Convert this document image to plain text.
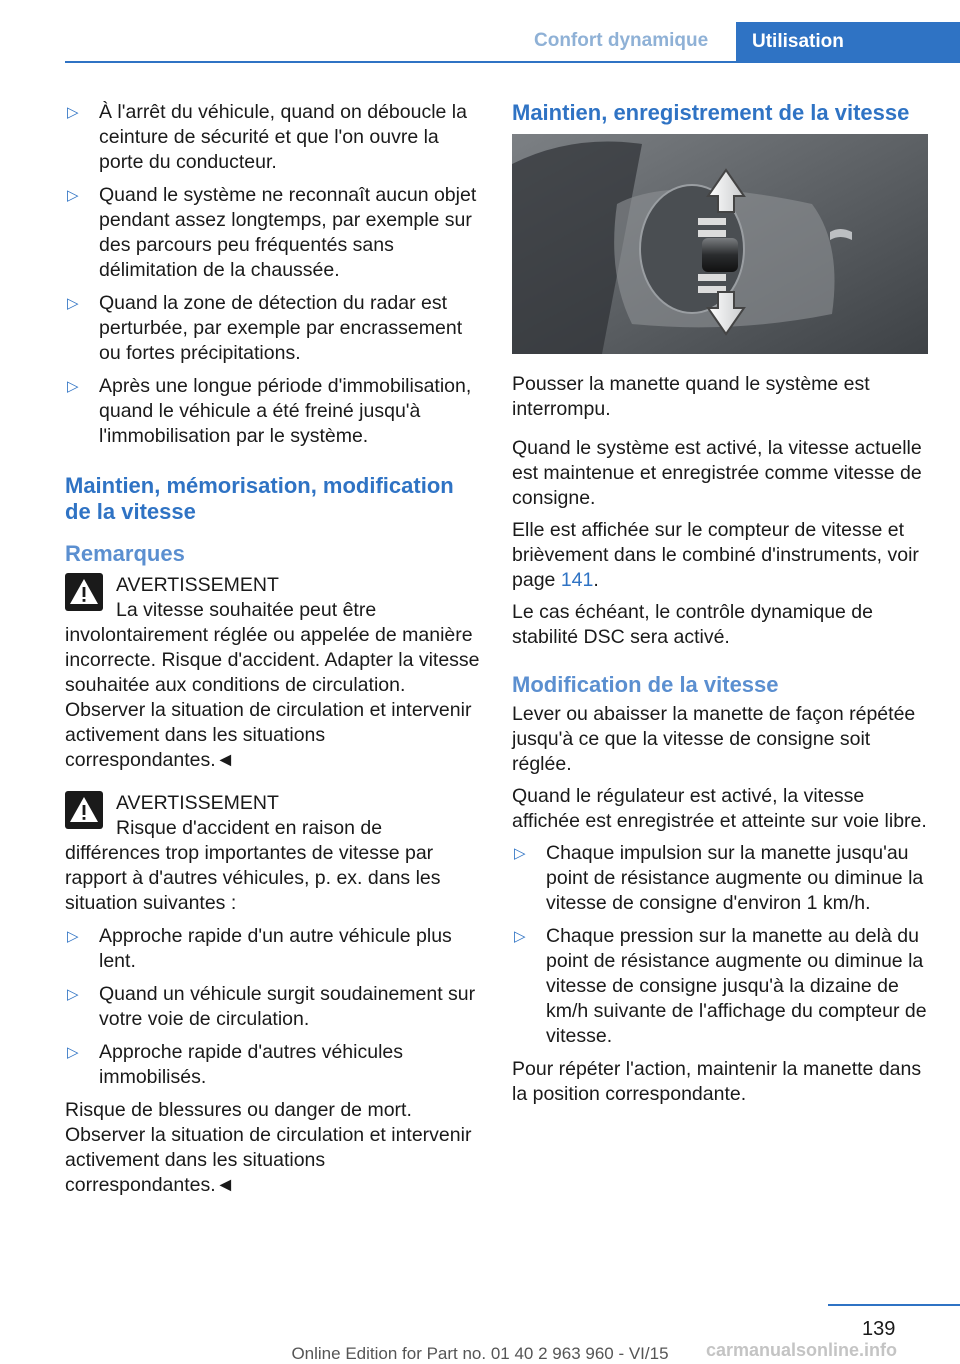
Confort dynamique Utilisation
▷ À l'arrêt du véhicule, quand on déboucle la ceinture de sécurité et que l'on ouvre la porte du conducteur.
▷ Quand le système ne reconnaît aucun objet pendant assez longtemps, par exemple sur des parcours peu fréquentés sans délimitation de la chaussée.
▷ Quand la zone de détection du radar est perturbée, par exemple par encrassement ou fortes précipitations.
▷ Après une longue période d'immobilisation, quand le véhicule a été freiné jusqu'à l'immobilisation par le système.
Maintien, mémorisation, modification de la vitesse
Remarques
AVERTISSEMENT

La vitesse souhaitée peut être involontairement réglée ou appelée de manière incorrecte. Risque d'accident. Adapter la vitesse souhaitée aux conditions de circulation. Observer la situation de circulation et intervenir activement dans les situations correspondantes.◄

AVERTISSEMENT

Risque d'accident en raison de différences trop importantes de vitesse par rapport à d'autres véhicules, p. ex. dans les situation suivantes :

▷ Approche rapide d'un autre véhicule plus lent.
▷ Quand un véhicule surgit soudainement sur votre voie de circulation.
▷ Approche rapide d'autres véhicules immobilisés.

Risque de blessures ou danger de mort. Observer la situation de circulation et intervenir activement dans les situations correspondantes.◄

Maintien, enregistrement de la vitesse

Pousser la manette quand le système est interrompu.

Quand le système est activé, la vitesse actuelle est maintenue et enregistrée comme vitesse de consigne.

Elle est affichée sur le compteur de vitesse et brièvement dans le combiné d'instruments, voir page 141.

Le cas échéant, le contrôle dynamique de stabilité DSC sera activé.

Modification de la vitesse

Lever ou abaisser la manette de façon répétée jusqu'à ce que la vitesse de consigne soit réglée.

Quand le régulateur est activé, la vitesse affichée est enregistrée et atteinte sur voie libre.

▷ Chaque impulsion sur la manette jusqu'au point de résistance augmente ou diminue la vitesse de consigne d'environ 1 km/h.
▷ Chaque pression sur la manette au delà du point de résistance augmente ou diminue la vitesse de consigne jusqu'à la dizaine de km/h suivante de l'affichage du compteur de vitesse.

Pour répéter l'action, maintenir la manette dans la position correspondante.

139
Online Edition for Part no. 01 40 2 963 960 - VI/15	carmanualsonline.info
